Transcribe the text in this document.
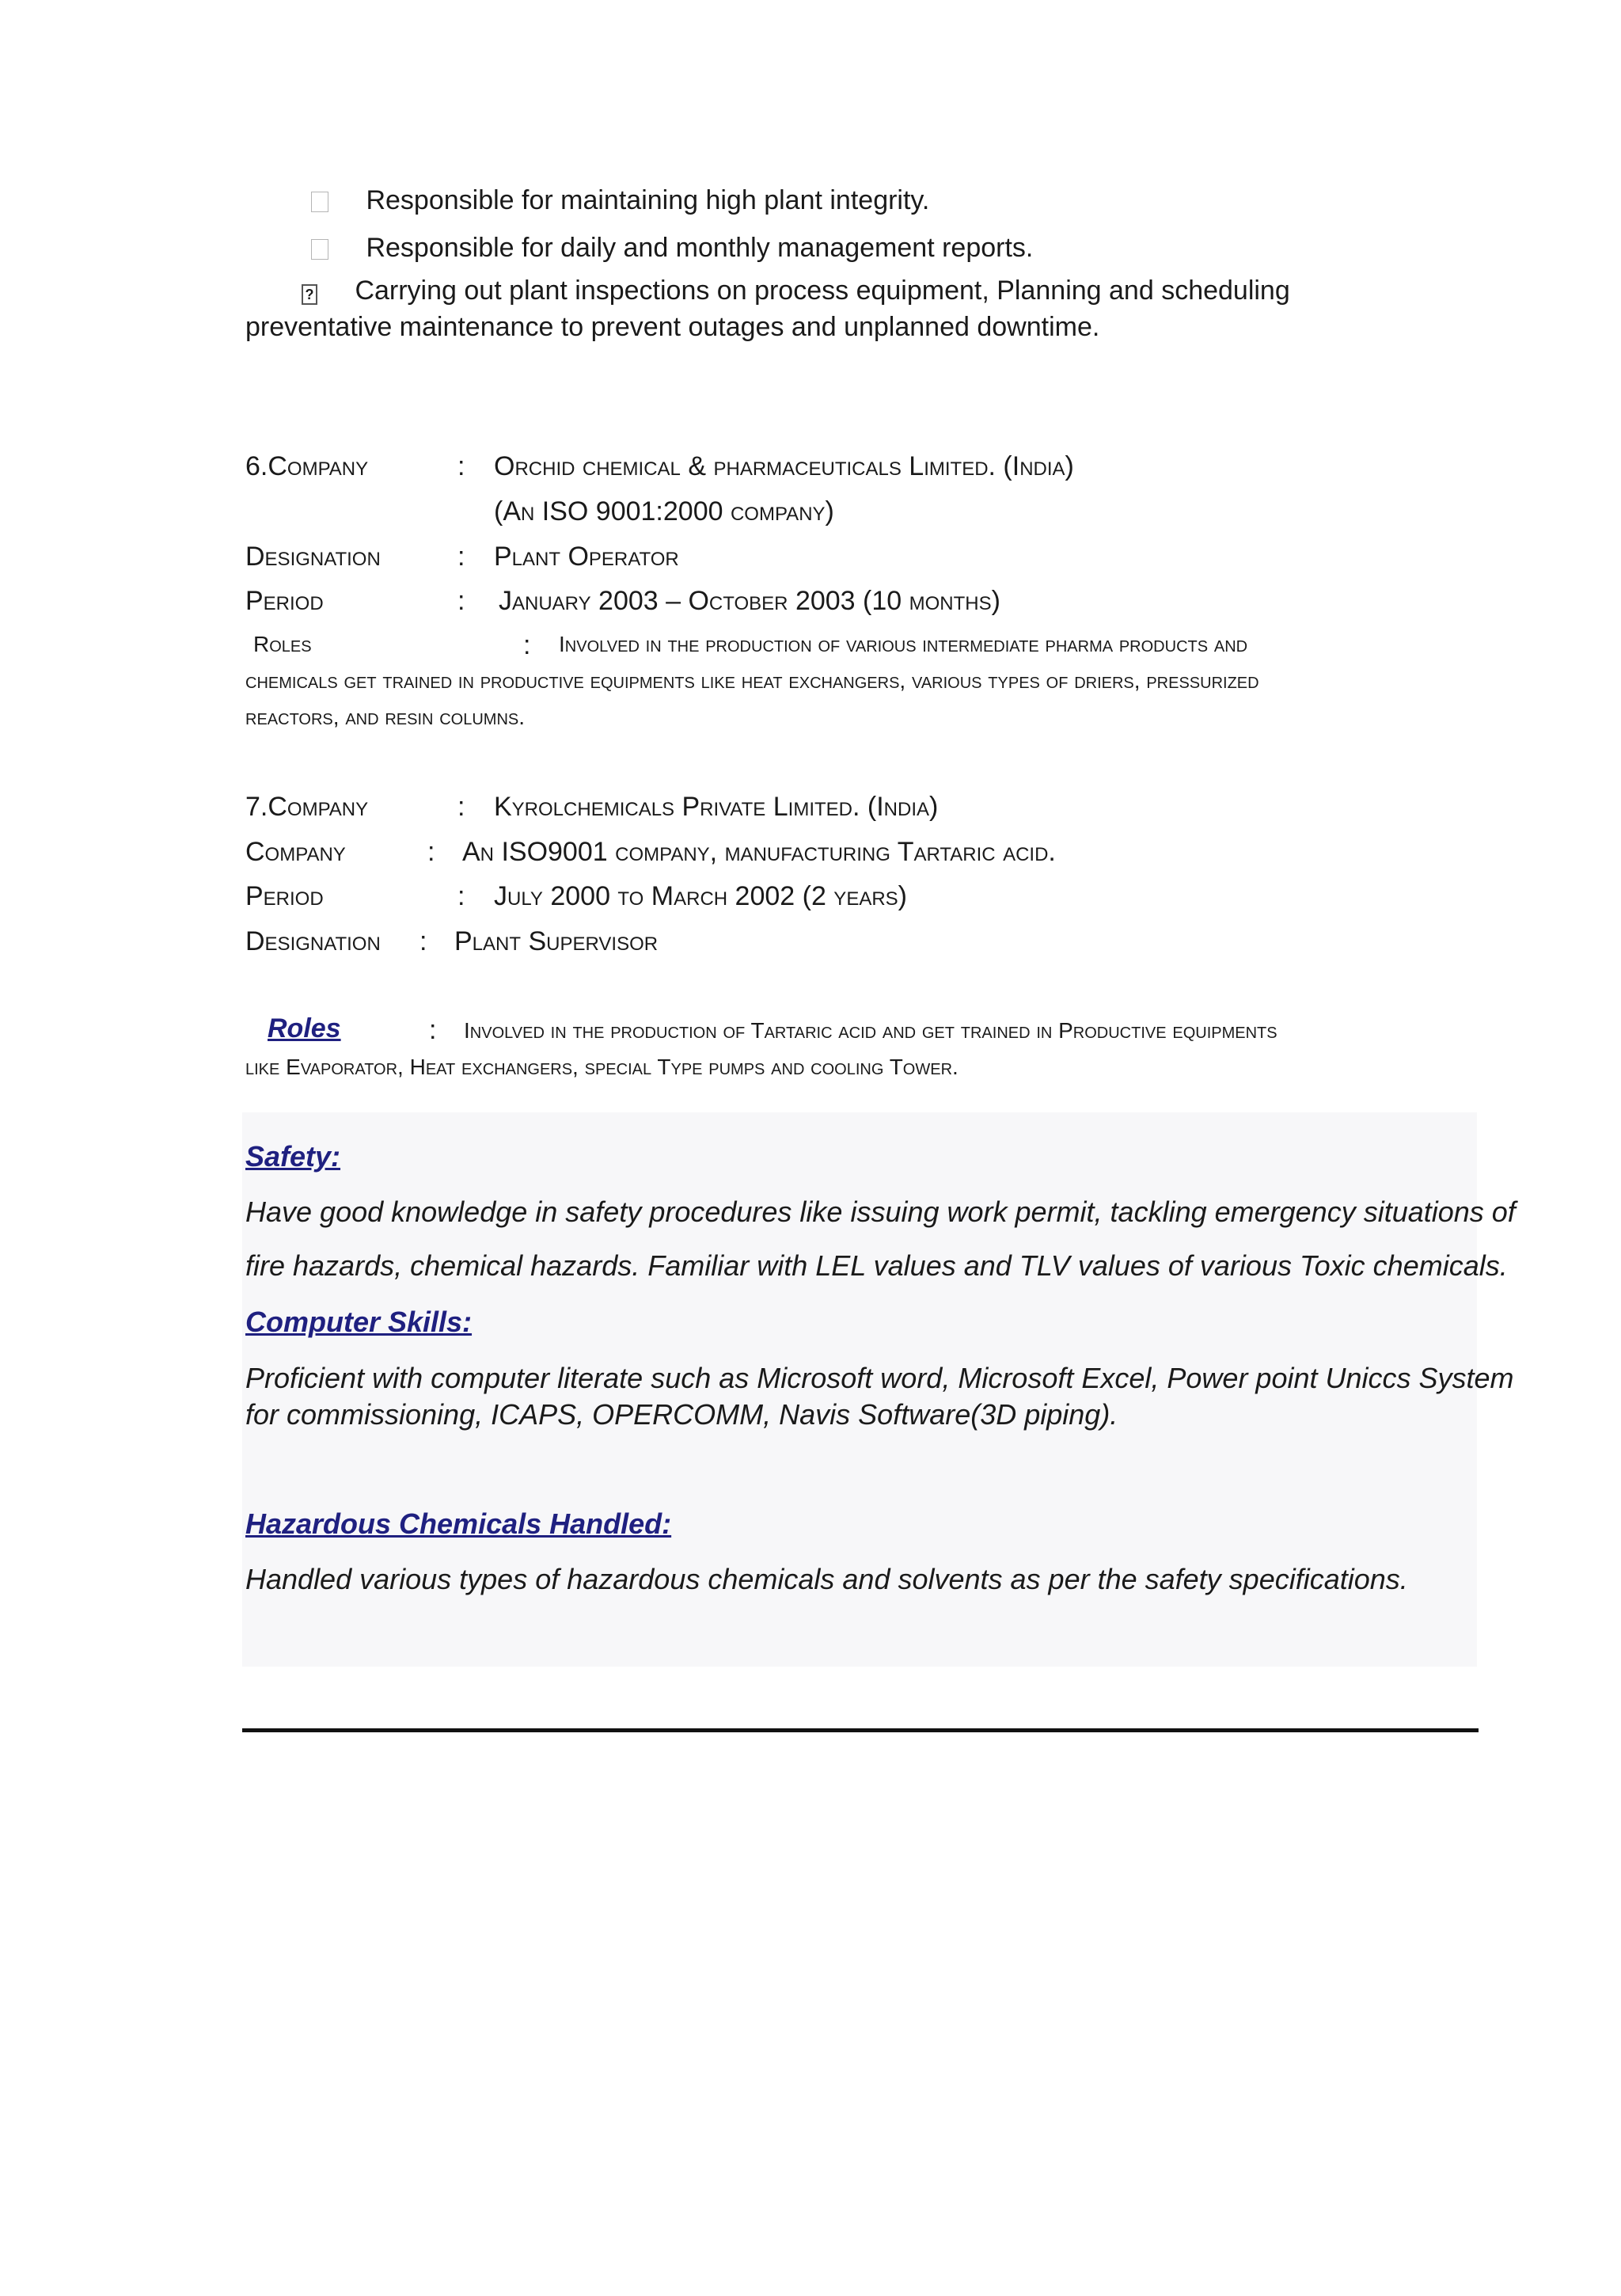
Responsible for maintaining high plant integrity.
Responsible for daily and monthly management reports.
? Carrying out plant inspections on process equipment, Planning and scheduling
preventative maintenance to prevent outages and unplanned downtime.
6.Company	: Orchid chemical & pharmaceuticals Limited. (India)
(An ISO 9001:2000 company)
Designation	: Plant Operator
Period	: January 2003 – October 2003 (10 months)
Roles	: Involved in the production of various intermediate pharma products and
chemicals get trained in productive equipments like heat exchangers, various types of driers, pressurized
reactors, and resin columns.
7.Company	: Kyrolchemicals Private Limited. (India)
Company	: An ISO9001 company, manufacturing Tartaric acid.
Period	: July 2000 to March 2002 (2 years)
Designation : Plant Supervisor
Roles	: Involved in the production of Tartaric acid and get trained in Productive equipments
like Evaporator, Heat exchangers, special Type pumps and cooling Tower.
Safety:
Have good knowledge in safety procedures like issuing work permit, tackling emergency situations of
fire hazards, chemical hazards. Familiar with LEL values and TLV values of various Toxic chemicals.
Computer Skills:
Proficient with computer literate such as Microsoft word, Microsoft Excel, Power point Uniccs System
for commissioning, ICAPS, OPERCOMM, Navis Software(3D piping).
Hazardous Chemicals Handled:
Handled various types of hazardous chemicals and solvents as per the safety specifications.
